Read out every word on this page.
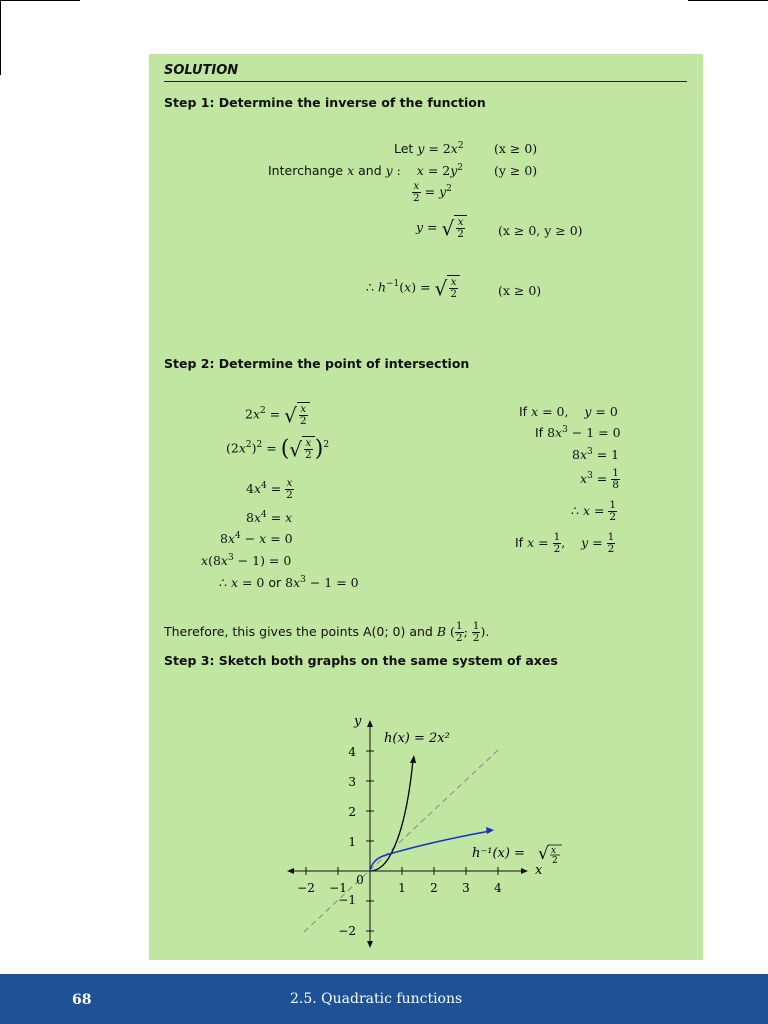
SOLUTION
Step 1: Determine the inverse of the function
Let $y = 2x^2$ (x ≥ 0)
Interchange x and y :    $x = 2y^2$ (y ≥ 0)
$\frac{x}{2} = y^2$
y = √ $\frac{x}{2}$	(x ≥ 0, y ≥ 0)
∴ $h^{-1}(x)$ = √ $\frac{x}{2}$	(x ≥ 0)
Step 2: Determine the point of intersection
$2x^2$ = √ $\frac{x}{2}$
$(2x^2)^2$ = (√ $\frac{x}{2} )^2$
$4x^4 = \frac{x}{2}$
$8x^4 = x$
$8x^4 - x = 0$
$x(8x^3 - 1) = 0$
∴ x = 0 or $8x^3 - 1 = 0$
If x = 0,    y = 0
If $8x^3 - 1 = 0$
$8x^3 = 1$
$x^3 = \frac{1}{8}$
∴ $x = \frac{1}{2}$
If $x = \frac{1}{2}$ ,    $y = \frac{1}{2}$
Therefore, this gives the points A(0; 0) and B ( $\frac{1}{2}$ ; $\frac{1}{2}$ ).
Step 3: Sketch both graphs on the same system of axes
−2 −1	1 2 3 4
4
3
2
1
−1
−2
0
x
y
h(x) = 2x²
h⁻¹(x) = √ x
2
68	2.5. Quadratic functions
